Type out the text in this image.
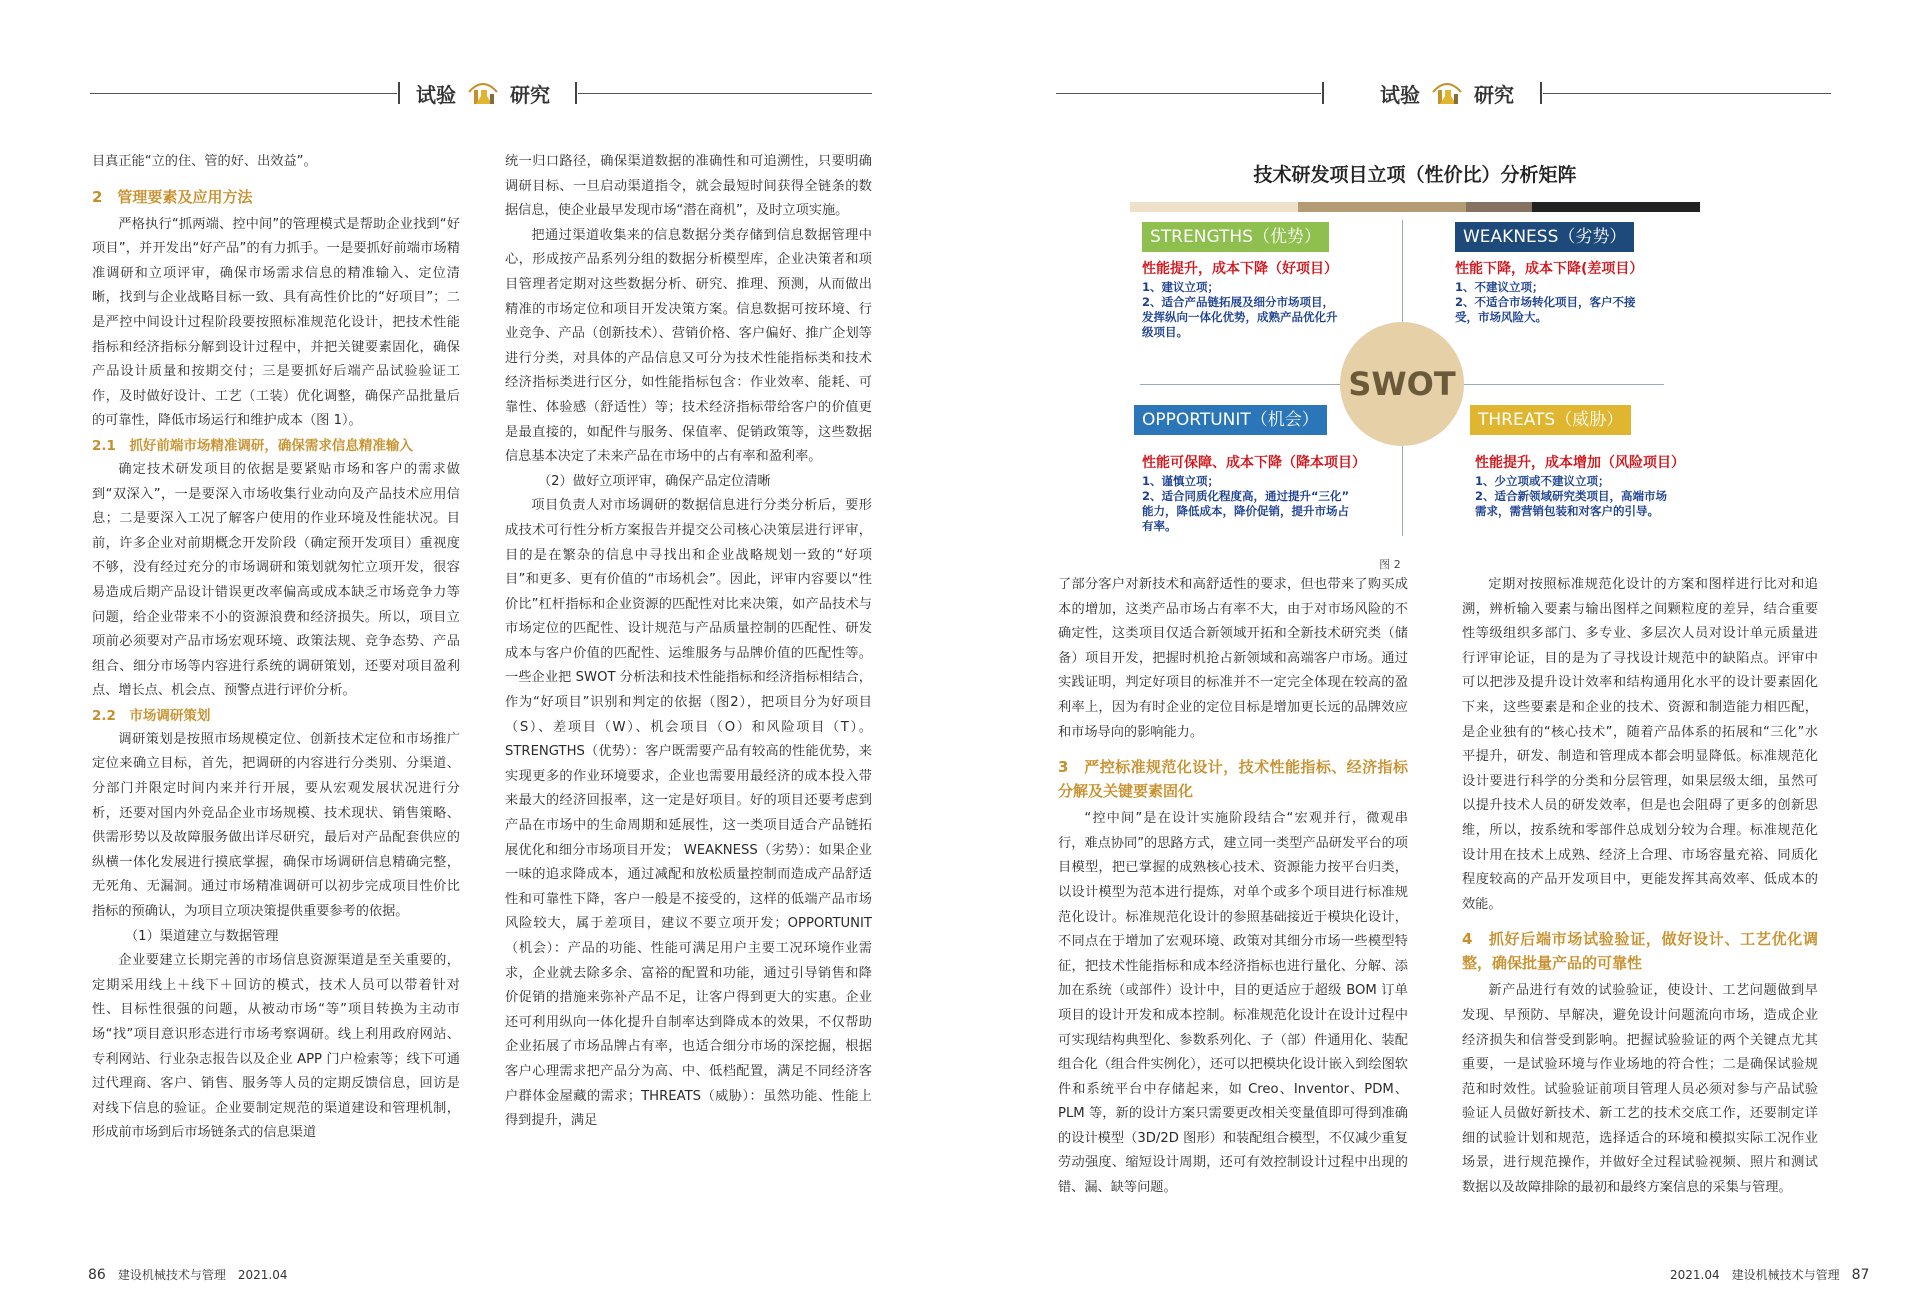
试验	研究

目真正能“立的住、管的好、出效益”。

2　管理要素及应用方法

严格执行“抓两端、控中间”的管理模式是帮助企业找到“好项目”，并开发出“好产品”的有力抓手。一是要抓好前端市场精准调研和立项评审，确保市场需求信息的精准输入、定位清晰，找到与企业战略目标一致、具有高性价比的“好项目”；二是严控中间设计过程阶段要按照标准规范化设计，把技术性能指标和经济指标分解到设计过程中，并把关键要素固化，确保产品设计质量和按期交付；三是要抓好后端产品试验验证工作，及时做好设计、工艺（工装）优化调整，确保产品批量后的可靠性，降低市场运行和维护成本（图 1）。

2.1　抓好前端市场精准调研，确保需求信息精准输入

确定技术研发项目的依据是要紧贴市场和客户的需求做到“双深入”，一是要深入市场收集行业动向及产品技术应用信息；二是要深入工况了解客户使用的作业环境及性能状况。目前，许多企业对前期概念开发阶段（确定预开发项目）重视度不够，没有经过充分的市场调研和策划就匆忙立项开发，很容易造成后期产品设计错误更改率偏高或成本缺乏市场竞争力等问题，给企业带来不小的资源浪费和经济损失。所以，项目立项前必须要对产品市场宏观环境、政策法规、竞争态势、产品组合、细分市场等内容进行系统的调研策划，还要对项目盈利点、增长点、机会点、预警点进行评价分析。

2.2　市场调研策划

调研策划是按照市场规模定位、创新技术定位和市场推广定位来确立目标，首先，把调研的内容进行分类别、分渠道、分部门并限定时间内来并行开展，要从宏观发展状况进行分析，还要对国内外竞品企业市场规模、技术现状、销售策略、供需形势以及故障服务做出详尽研究，最后对产品配套供应的纵横一体化发展进行摸底掌握，确保市场调研信息精确完整，无死角、无漏洞。通过市场精准调研可以初步完成项目性价比指标的预确认，为项目立项决策提供重要参考的依据。

（1）渠道建立与数据管理

企业要建立长期完善的市场信息资源渠道是至关重要的，定期采用线上＋线下＋回访的模式，技术人员可以带着针对性、目标性很强的问题，从被动市场“等”项目转换为主动市场“找”项目意识形态进行市场考察调研。线上利用政府网站、专利网站、行业杂志报告以及企业 APP 门户检索等；线下可通过代理商、客户、销售、服务等人员的定期反馈信息，回访是对线下信息的验证。企业要制定规范的渠道建设和管理机制，形成前市场到后市场链条式的信息渠道

统一归口路径，确保渠道数据的准确性和可追溯性，只要明确调研目标、一旦启动渠道指令，就会最短时间获得全链条的数据信息，使企业最早发现市场“潜在商机”，及时立项实施。

把通过渠道收集来的信息数据分类存储到信息数据管理中心，形成按产品系列分组的数据分析模型库，企业决策者和项目管理者定期对这些数据分析、研究、推理、预测，从而做出精准的市场定位和项目开发决策方案。信息数据可按环境、行业竞争、产品（创新技术）、营销价格、客户偏好、推广企划等进行分类，对具体的产品信息又可分为技术性能指标类和技术经济指标类进行区分，如性能指标包含：作业效率、能耗、可靠性、体验感（舒适性）等；技术经济指标带给客户的价值更是最直接的，如配件与服务、保值率、促销政策等，这些数据信息基本决定了未来产品在市场中的占有率和盈利率。

（2）做好立项评审，确保产品定位清晰

项目负责人对市场调研的数据信息进行分类分析后，要形成技术可行性分析方案报告并提交公司核心决策层进行评审，目的是在繁杂的信息中寻找出和企业战略规划一致的“好项目”和更多、更有价值的“市场机会”。因此，评审内容要以“性价比”杠杆指标和企业资源的匹配性对比来决策，如产品技术与市场定位的匹配性、设计规范与产品质量控制的匹配性、研发成本与客户价值的匹配性、运维服务与品牌价值的匹配性等。一些企业把 SWOT 分析法和技术性能指标和经济指标相结合，作为“好项目”识别和判定的依据（图2），把项目分为好项目（S）、差项目（W）、机会项目（O）和风险项目（T）。STRENGTHS（优势）：客户既需要产品有较高的性能优势，来实现更多的作业环境要求，企业也需要用最经济的成本投入带来最大的经济回报率，这一定是好项目。好的项目还要考虑到产品在市场中的生命周期和延展性，这一类项目适合产品链拓展优化和细分市场项目开发； WEAKNESS（劣势）：如果企业一味的追求降成本，通过减配和放松质量控制而造成产品舒适性和可靠性下降，客户一般是不接受的，这样的低端产品市场风险较大，属于差项目，建议不要立项开发；OPPORTUNIT（机会）：产品的功能、性能可满足用户主要工况环境作业需求，企业就去除多余、富裕的配置和功能，通过引导销售和降价促销的措施来弥补产品不足，让客户得到更大的实惠。企业还可利用纵向一体化提升自制率达到降成本的效果，不仅帮助企业拓展了市场品牌占有率，也适合细分市场的深挖掘，根据客户心理需求把产品分为高、中、低档配置，满足不同经济客户群体金屋藏的需求；THREATS（威胁）：虽然功能、性能上得到提升，满足

86 建设机械技术与管理 2021.04
试验	研究
技术研发项目立项（性价比）分析矩阵
STRENGTHS（优势）
性能提升，成本下降（好项目）
1、建议立项；
2、适合产品链拓展及细分市场项目，
发挥纵向一体化优势，成熟产品优化升
级项目。
WEAKNESS（劣势）
性能下降，成本下降(差项目）
1、不建议立项；
2、不适合市场转化项目，客户不接
受，市场风险大。
SWOT
OPPORTUNIT（机会）
性能可保障、成本下降（降本项目）
1、谨慎立项；
2、适合同质化程度高，通过提升“三化”
能力，降低成本，降价促销，提升市场占
有率。
THREATS（威胁）
性能提升，成本增加（风险项目）
1、少立项或不建议立项；
2、适合新领域研究类项目，高端市场
需求，需营销包装和对客户的引导。
图 2

了部分客户对新技术和高舒适性的要求，但也带来了购买成本的增加，这类产品市场占有率不大，由于对市场风险的不确定性，这类项目仅适合新领域开拓和全新技术研究类（储备）项目开发，把握时机抢占新领域和高端客户市场。通过实践证明，判定好项目的标准并不一定完全体现在较高的盈利率上，因为有时企业的定位目标是增加更长远的品牌效应和市场导向的影响能力。

3　严控标准规范化设计，技术性能指标、经济指标分解及关键要素固化

“控中间”是在设计实施阶段结合“宏观并行，微观串行，难点协同”的思路方式，建立同一类型产品研发平台的项目模型，把已掌握的成熟核心技术、资源能力按平台归类，以设计模型为范本进行提炼，对单个或多个项目进行标准规范化设计。标准规范化设计的参照基础接近于模块化设计，不同点在于增加了宏观环境、政策对其细分市场一些模型特征，把技术性能指标和成本经济指标也进行量化、分解、添加在系统（或部件）设计中，目的更适应于超级 BOM 订单项目的设计开发和成本控制。标准规范化设计在设计过程中可实现结构典型化、参数系列化、子（部）件通用化、装配组合化（组合件实例化），还可以把模块化设计嵌入到绘图软件和系统平台中存储起来，如 Creo、Inventor、PDM、PLM 等，新的设计方案只需要更改相关变量值即可得到准确的设计模型（3D/2D 图形）和装配组合模型，不仅减少重复劳动强度、缩短设计周期，还可有效控制设计过程中出现的错、漏、缺等问题。

定期对按照标准规范化设计的方案和图样进行比对和追溯，辨析输入要素与输出图样之间颗粒度的差异，结合重要性等级组织多部门、多专业、多层次人员对设计单元质量进行评审论证，目的是为了寻找设计规范中的缺陷点。评审中可以把涉及提升设计效率和结构通用化水平的设计要素固化下来，这些要素是和企业的技术、资源和制造能力相匹配，是企业独有的“核心技术”，随着产品体系的拓展和“三化”水平提升，研发、制造和管理成本都会明显降低。标准规范化设计要进行科学的分类和分层管理，如果层级太细，虽然可以提升技术人员的研发效率，但是也会阻碍了更多的创新思维，所以，按系统和零部件总成划分较为合理。标准规范化设计用在技术上成熟、经济上合理、市场容量充裕、同质化程度较高的产品开发项目中，更能发挥其高效率、低成本的效能。

4　抓好后端市场试验验证，做好设计、工艺优化调整，确保批量产品的可靠性

新产品进行有效的试验验证，使设计、工艺问题做到早发现、早预防、早解决，避免设计问题流向市场，造成企业经济损失和信誉受到影响。把握试验验证的两个关键点尤其重要，一是试验环境与作业场地的符合性；二是确保试验规范和时效性。试验验证前项目管理人员必须对参与产品试验验证人员做好新技术、新工艺的技术交底工作，还要制定详细的试验计划和规范，选择适合的环境和模拟实际工况作业场景，进行规范操作，并做好全过程试验视频、照片和测试数据以及故障排除的最初和最终方案信息的采集与管理。

2021.04 建设机械技术与管理 87
